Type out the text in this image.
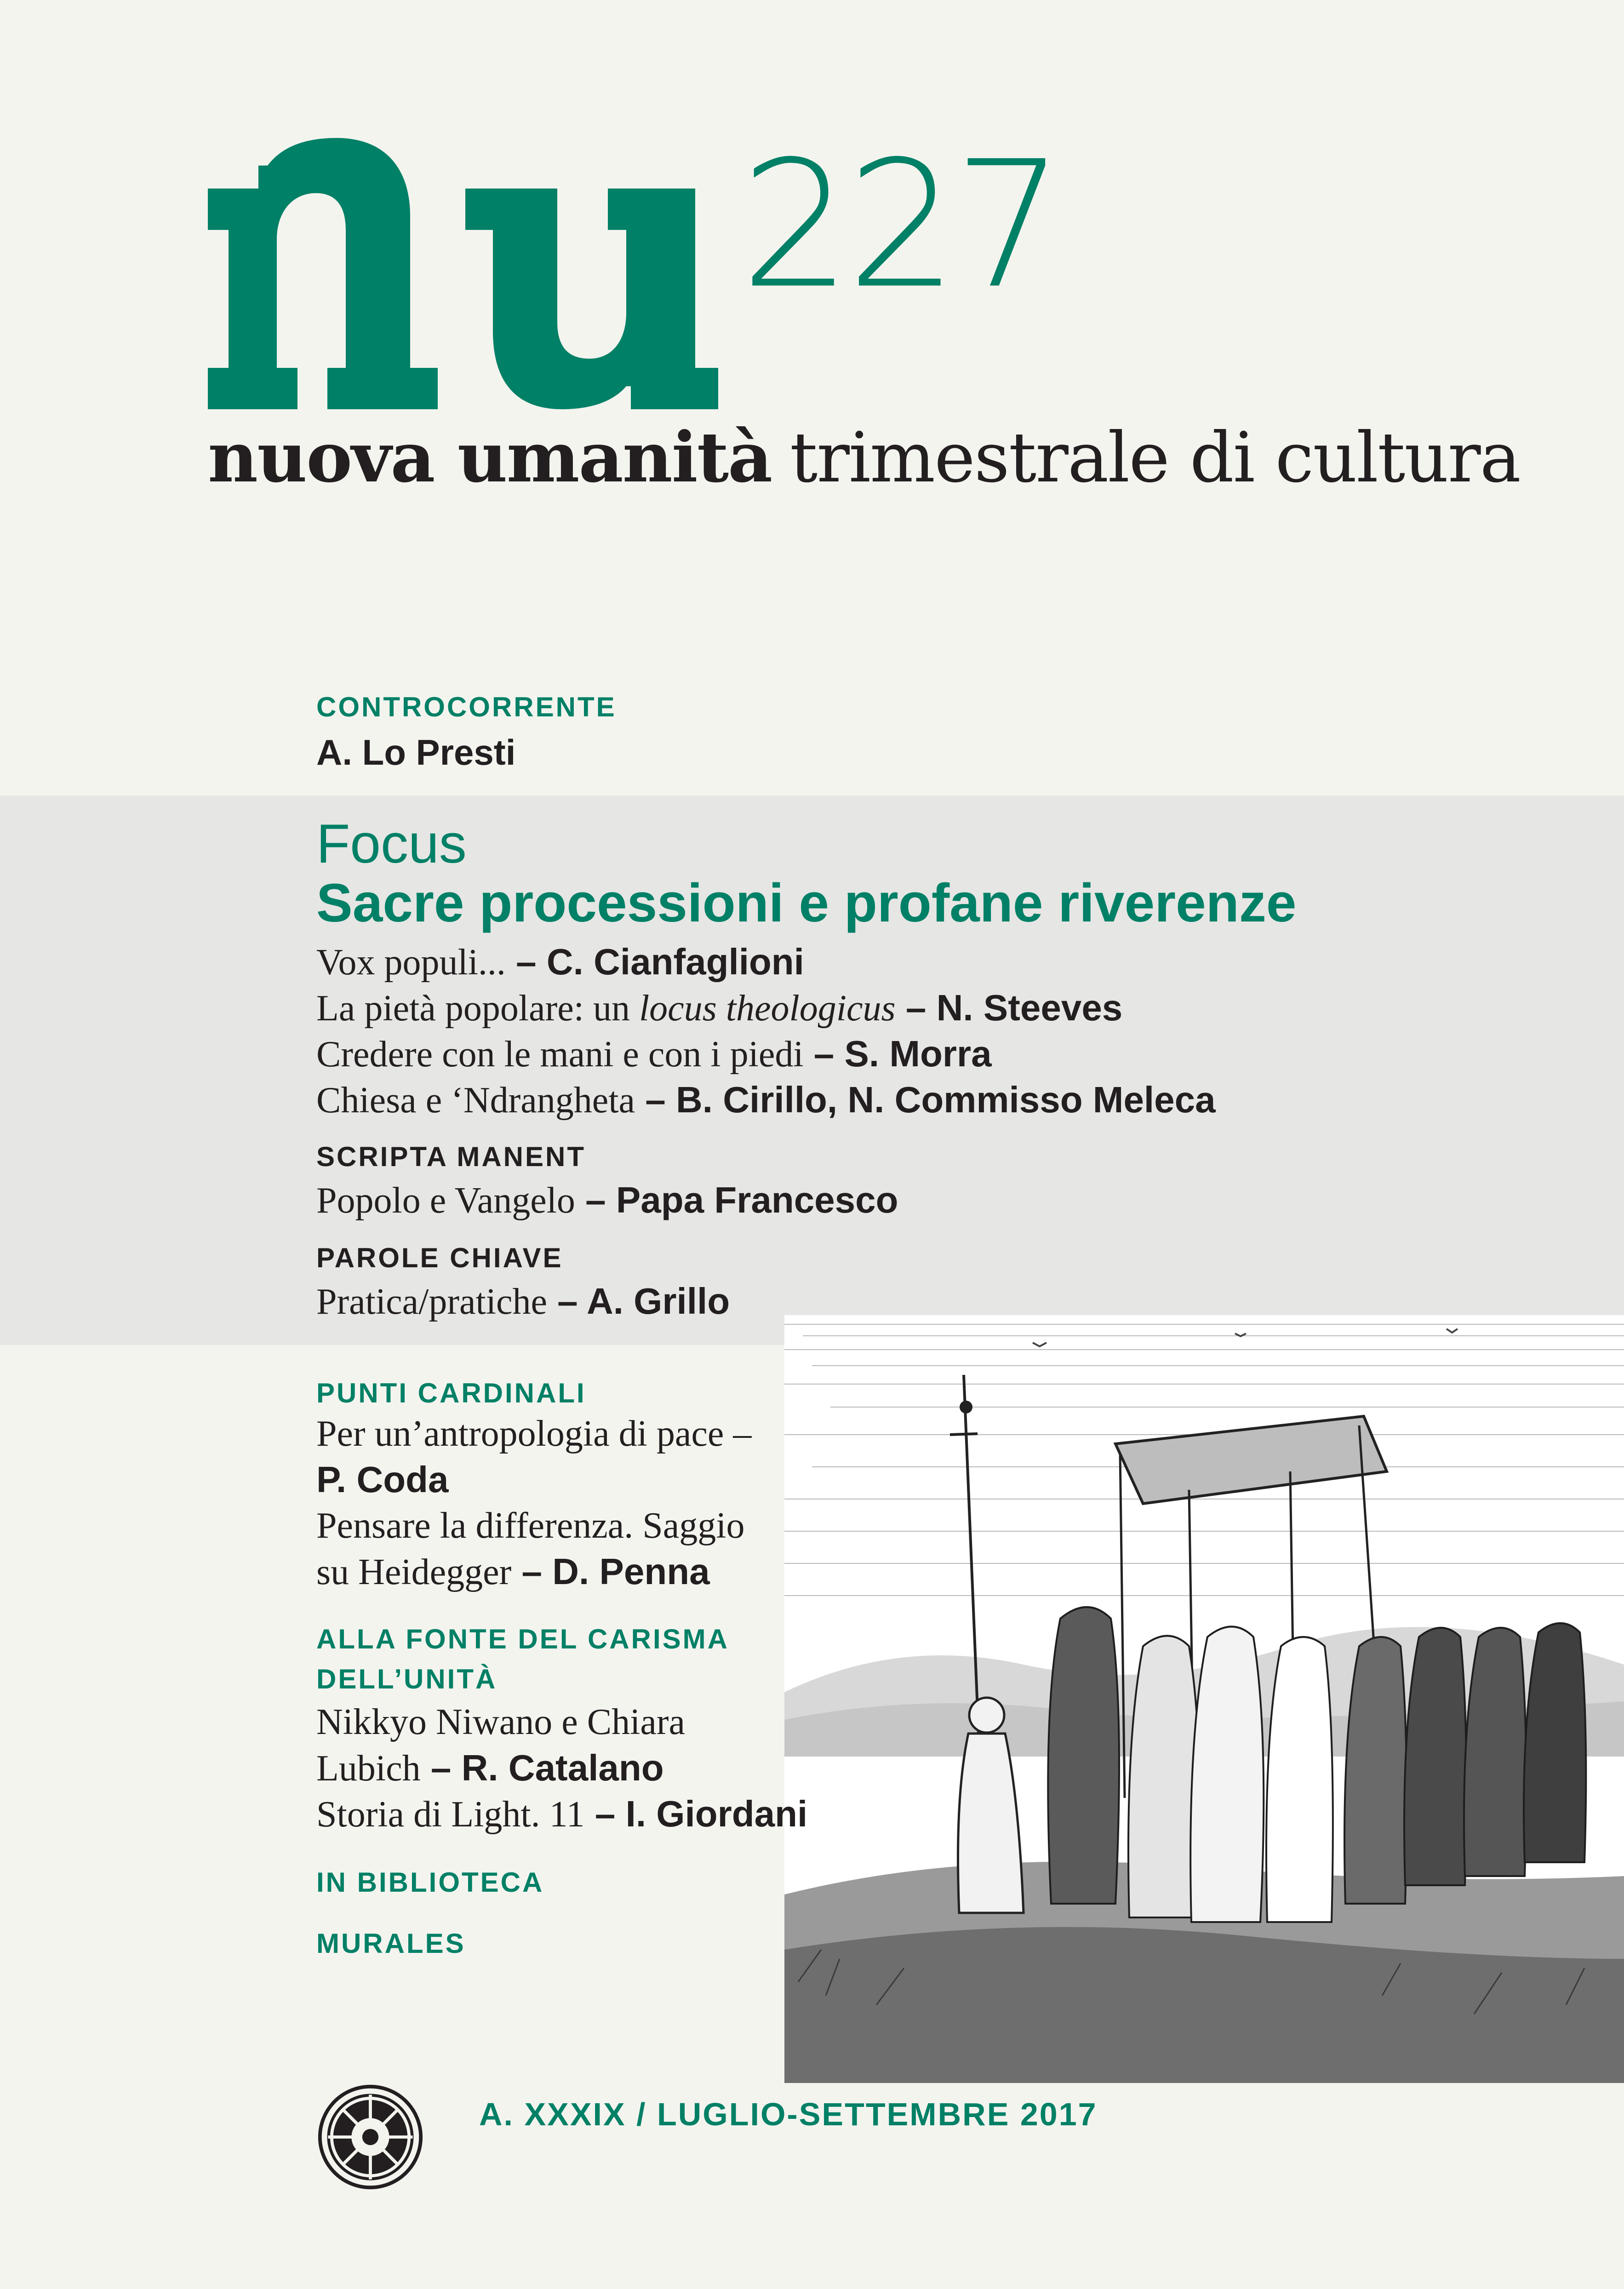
227
nuova umanità trimestrale di cultura
CONTROCORRENTE
A. Lo Presti
Focus
Sacre processioni e profane riverenze
Vox populi... – C. Cianfaglioni
La pietà popolare: un locus theologicus – N. Steeves
Credere con le mani e con i piedi – S. Morra
Chiesa e ‘Ndrangheta – B. Cirillo, N. Commisso Meleca
SCRIPTA MANENT
Popolo e Vangelo – Papa Francesco
PAROLE CHIAVE
Pratica/pratiche – A. Grillo
PUNTI CARDINALI
Per un’antropologia di pace –
P. Coda
Pensare la differenza. Saggio
su Heidegger – D. Penna
ALLA FONTE DEL CARISMA
DELL’UNITÀ
Nikkyo Niwano e Chiara
Lubich – R. Catalano
Storia di Light. 11 – I. Giordani
IN BIBLIOTECA
MURALES
A. XXXIX / LUGLIO-SETTEMBRE 2017
